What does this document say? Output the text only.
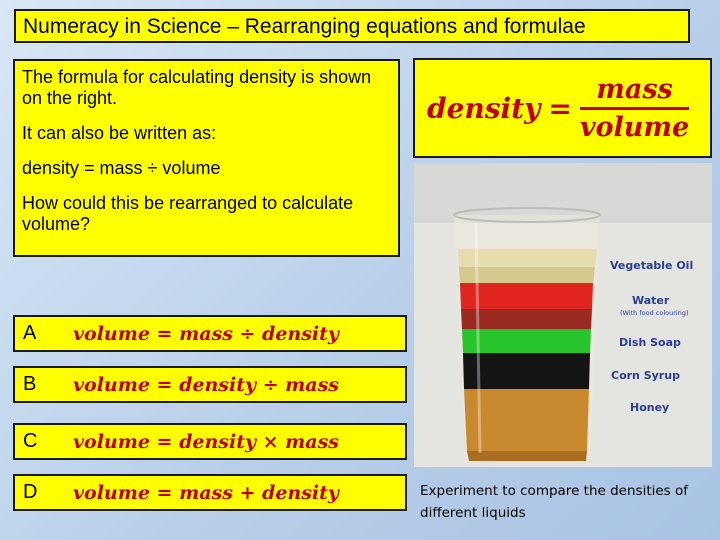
Numeracy in Science – Rearranging equations and formulae

The formula for calculating density is shown on the right.

It can also be written as:

density = mass ÷ volume

How could this be rearranged to calculate volume?

density = $\frac{\text{mass}}{\text{volume}}$
Vegetable Oil
Water
(With food colouring)
Dish Soap
Corn Syrup
Honey
Experiment to compare the densities of different liquids
A	volume = mass ÷ density
B	volume = density ÷ mass
C	volume = density × mass
D	volume = mass + density
